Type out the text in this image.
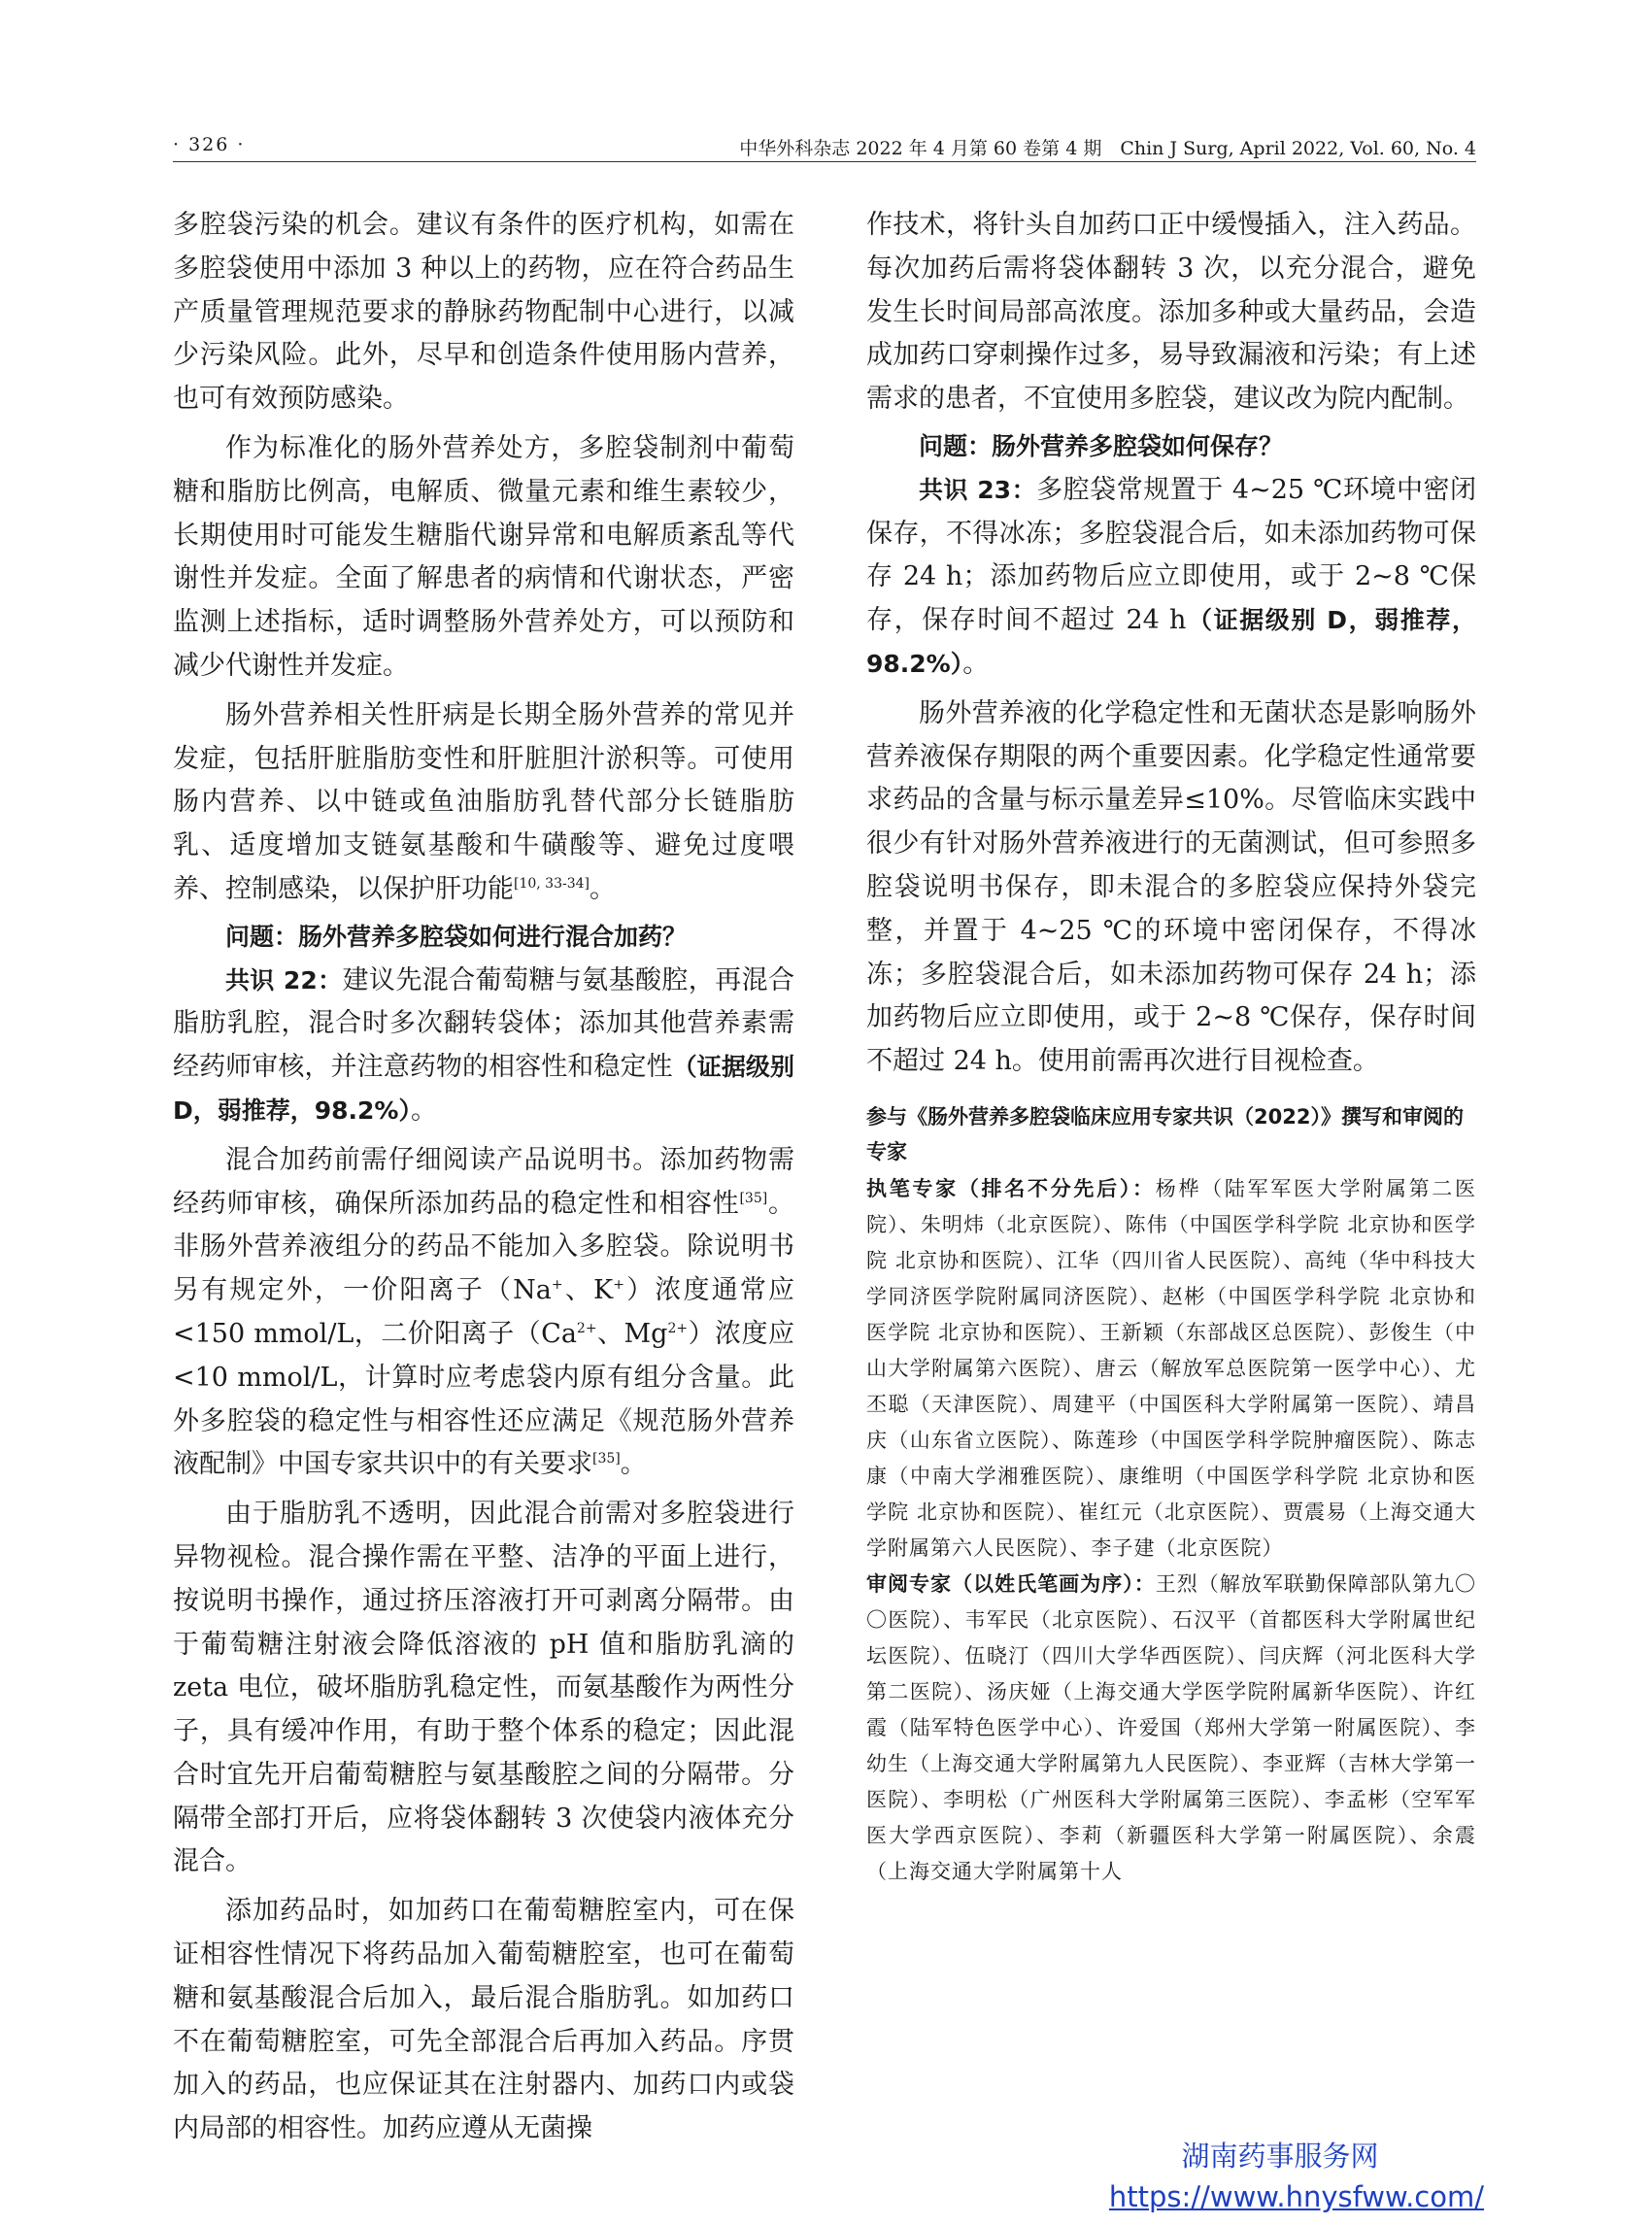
· 326 ·	中华外科杂志 2022 年 4 月第 60 卷第 4 期　Chin J Surg, April 2022, Vol. 60, No. 4

多腔袋污染的机会。建议有条件的医疗机构，如需在多腔袋使用中添加 3 种以上的药物，应在符合药品生产质量管理规范要求的静脉药物配制中心进行，以减少污染风险。此外，尽早和创造条件使用肠内营养，也可有效预防感染。

作为标准化的肠外营养处方，多腔袋制剂中葡萄糖和脂肪比例高，电解质、微量元素和维生素较少，长期使用时可能发生糖脂代谢异常和电解质紊乱等代谢性并发症。全面了解患者的病情和代谢状态，严密监测上述指标，适时调整肠外营养处方，可以预防和减少代谢性并发症。

肠外营养相关性肝病是长期全肠外营养的常见并发症，包括肝脏脂肪变性和肝脏胆汁淤积等。可使用肠内营养、以中链或鱼油脂肪乳替代部分长链脂肪乳、适度增加支链氨基酸和牛磺酸等、避免过度喂养、控制感染，以保护肝功能[10, 33-34]。

问题：肠外营养多腔袋如何进行混合加药？

共识 22：建议先混合葡萄糖与氨基酸腔，再混合脂肪乳腔，混合时多次翻转袋体；添加其他营养素需经药师审核，并注意药物的相容性和稳定性（证据级别 D，弱推荐，98.2%）。

混合加药前需仔细阅读产品说明书。添加药物需经药师审核，确保所添加药品的稳定性和相容性[35]。非肠外营养液组分的药品不能加入多腔袋。除说明书另有规定外，一价阳离子（Na+、K+）浓度通常应 <150 mmol/L，二价阳离子（$Ca^{2+}$、$Mg^{2+}$）浓度应 <10 mmol/L，计算时应考虑袋内原有组分含量。此外多腔袋的稳定性与相容性还应满足《规范肠外营养液配制》中国专家共识中的有关要求[35]。

由于脂肪乳不透明，因此混合前需对多腔袋进行异物视检。混合操作需在平整、洁净的平面上进行，按说明书操作，通过挤压溶液打开可剥离分隔带。由于葡萄糖注射液会降低溶液的 pH 值和脂肪乳滴的 zeta 电位，破坏脂肪乳稳定性，而氨基酸作为两性分子，具有缓冲作用，有助于整个体系的稳定；因此混合时宜先开启葡萄糖腔与氨基酸腔之间的分隔带。分隔带全部打开后，应将袋体翻转 3 次使袋内液体充分混合。

添加药品时，如加药口在葡萄糖腔室内，可在保证相容性情况下将药品加入葡萄糖腔室，也可在葡萄糖和氨基酸混合后加入，最后混合脂肪乳。如加药口不在葡萄糖腔室，可先全部混合后再加入药品。序贯加入的药品，也应保证其在注射器内、加药口内或袋内局部的相容性。加药应遵从无菌操

作技术，将针头自加药口正中缓慢插入，注入药品。每次加药后需将袋体翻转 3 次，以充分混合，避免发生长时间局部高浓度。添加多种或大量药品，会造成加药口穿刺操作过多，易导致漏液和污染；有上述需求的患者，不宜使用多腔袋，建议改为院内配制。

问题：肠外营养多腔袋如何保存？

共识 23：多腔袋常规置于 4~25 ℃环境中密闭保存，不得冰冻；多腔袋混合后，如未添加药物可保存 24 h；添加药物后应立即使用，或于 2~8 ℃保存，保存时间不超过 24 h（证据级别 D，弱推荐，98.2%）。

肠外营养液的化学稳定性和无菌状态是影响肠外营养液保存期限的两个重要因素。化学稳定性通常要求药品的含量与标示量差异≤10%。尽管临床实践中很少有针对肠外营养液进行的无菌测试，但可参照多腔袋说明书保存，即未混合的多腔袋应保持外袋完整，并置于 4~25 ℃的环境中密闭保存，不得冰冻；多腔袋混合后，如未添加药物可保存 24 h；添加药物后应立即使用，或于 2~8 ℃保存，保存时间不超过 24 h。使用前需再次进行目视检查。

参与《肠外营养多腔袋临床应用专家共识（2022）》撰写和审阅的专家

执笔专家（排名不分先后）：杨桦（陆军军医大学附属第二医院）、朱明炜（北京医院）、陈伟（中国医学科学院 北京协和医学院 北京协和医院）、江华（四川省人民医院）、高纯（华中科技大学同济医学院附属同济医院）、赵彬（中国医学科学院 北京协和医学院 北京协和医院）、王新颖（东部战区总医院）、彭俊生（中山大学附属第六医院）、唐云（解放军总医院第一医学中心）、尤丕聪（天津医院）、周建平（中国医科大学附属第一医院）、靖昌庆（山东省立医院）、陈莲珍（中国医学科学院肿瘤医院）、陈志康（中南大学湘雅医院）、康维明（中国医学科学院 北京协和医学院 北京协和医院）、崔红元（北京医院）、贾震易（上海交通大学附属第六人民医院）、李子建（北京医院）

审阅专家（以姓氏笔画为序）：王烈（解放军联勤保障部队第九〇〇医院）、韦军民（北京医院）、石汉平（首都医科大学附属世纪坛医院）、伍晓汀（四川大学华西医院）、闫庆辉（河北医科大学第二医院）、汤庆娅（上海交通大学医学院附属新华医院）、许红霞（陆军特色医学中心）、许爱国（郑州大学第一附属医院）、李幼生（上海交通大学附属第九人民医院）、李亚辉（吉林大学第一医院）、李明松（广州医科大学附属第三医院）、李孟彬（空军军医大学西京医院）、李莉（新疆医科大学第一附属医院）、余震（上海交通大学附属第十人

湖南药事服务网
https://www.hnysfww.com/
